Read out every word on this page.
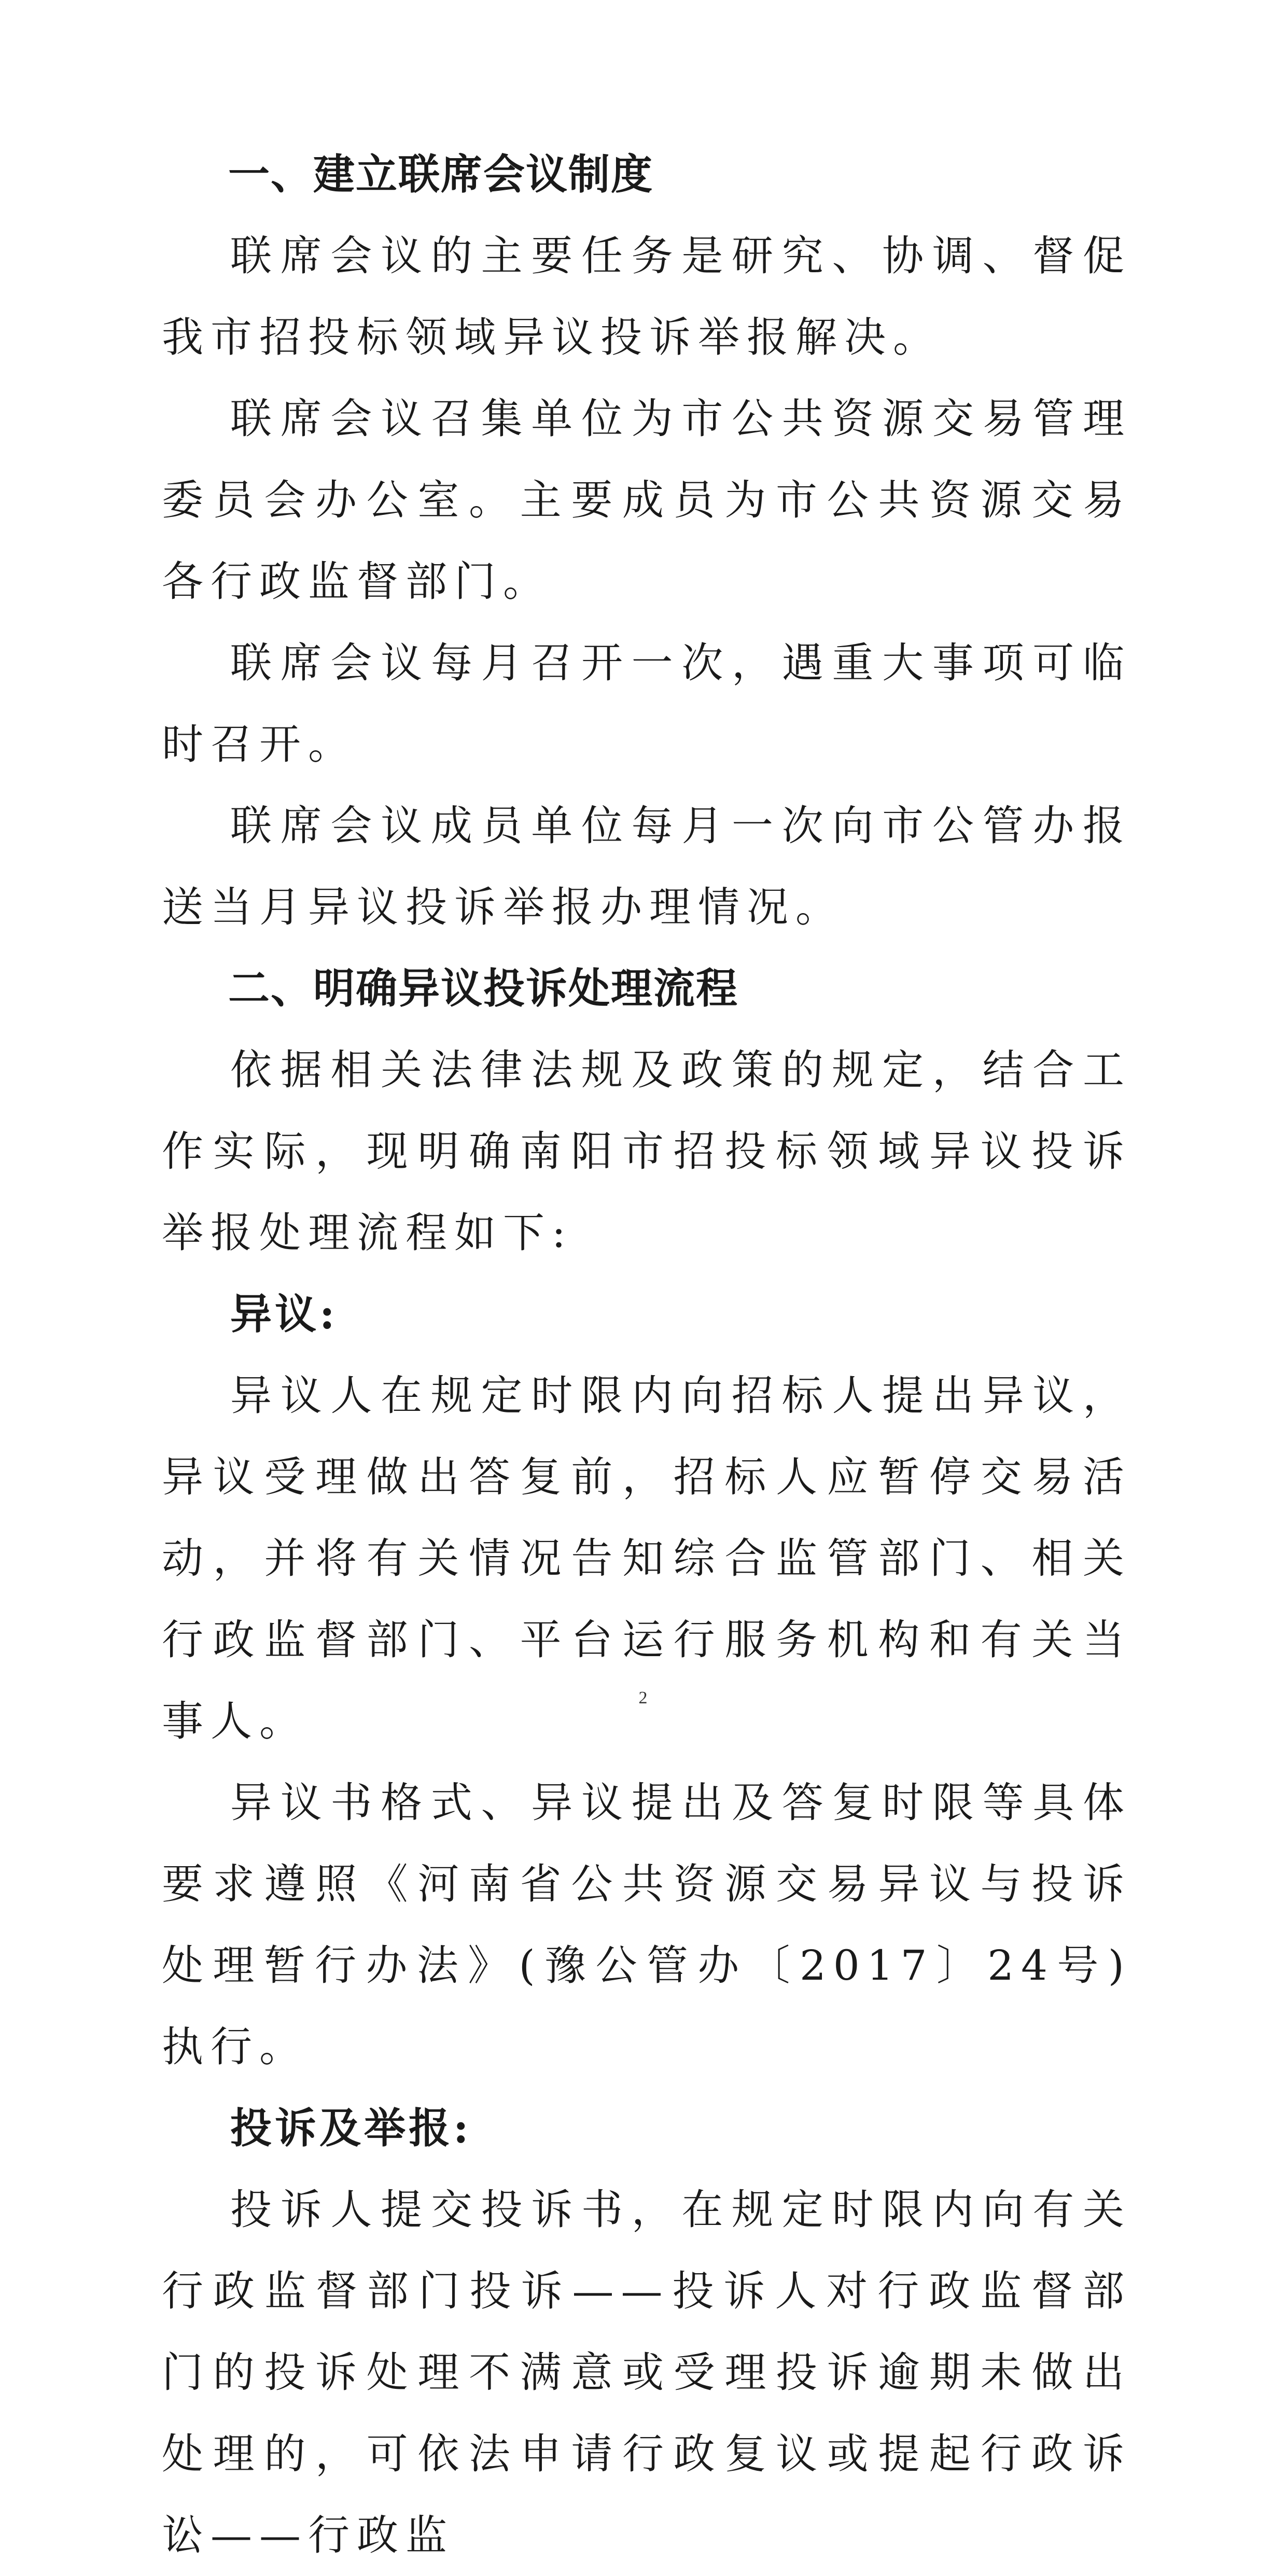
一、建立联席会议制度

联席会议的主要任务是研究、协调、督促我市招投标领域异议投诉举报解决。

联席会议召集单位为市公共资源交易管理委员会办公室。主要成员为市公共资源交易各行政监督部门。

联席会议每月召开一次，遇重大事项可临时召开。

联席会议成员单位每月一次向市公管办报送当月异议投诉举报办理情况。

二、明确异议投诉处理流程

依据相关法律法规及政策的规定，结合工作实际，现明确南阳市招投标领域异议投诉举报处理流程如下:

异议:

异议人在规定时限内向招标人提出异议，异议受理做出答复前，招标人应暂停交易活动，并将有关情况告知综合监管部门、相关行政监督部门、平台运行服务机构和有关当事人。

异议书格式、异议提出及答复时限等具体要求遵照《河南省公共资源交易异议与投诉处理暂行办法》(豫公管办〔2017〕24号)执行。

投诉及举报:

投诉人提交投诉书，在规定时限内向有关行政监督部门投诉——投诉人对行政监督部门的投诉处理不满意或受理投诉逾期未做出处理的，可依法申请行政复议或提起行政诉讼——行政监

2
